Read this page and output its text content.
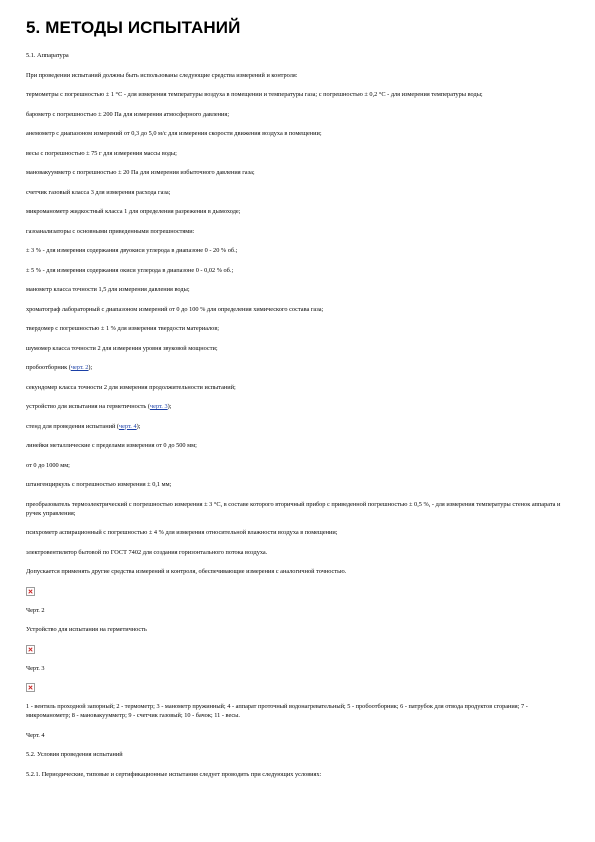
5. МЕТОДЫ ИСПЫТАНИЙ

5.1. Аппаратура

При проведении испытаний должны быть использованы следующие средства измерений и контроля:

термометры с погрешностью ± 1 °С - для измерения температуры воздуха в помещении и температуры газа; с погрешностью ± 0,2 °С - для измерения температуры воды;

барометр с погрешностью ± 200 Па для измерения атмосферного давления;

анемометр с диапазоном измерений от 0,3 до 5,0 м/с для измерения скорости движения воздуха в помещении;

весы с погрешностью ± 75 г для измерения массы воды;

мановакуумметр с погрешностью ± 20 Па для измерения избыточного давления газа;

счетчик газовый класса 3 для измерения расхода газа;

микроманометр жидкостный класса 1 для определения разрежения в дымоходе;

газоанализаторы с основными приведенными погрешностями:

± 3 % - для измерения содержания двуокиси углерода в диапазоне 0 - 20 % об.;

± 5 % - для измерения содержания окиси углерода в диапазоне 0 - 0,02 % об.;

манометр класса точности 1,5 для измерения давления воды;

хроматограф лабораторный с диапазоном измерений от 0 до 100 % для определения химического состава газа;

твердомер с погрешностью ± 1 % для измерения твердости материалов;

шумомер класса точности 2 для измерения уровня звуковой мощности;

пробоотборник (черт. 2);

секундомер класса точности 2 для измерения продолжительности испытаний;

устройство для испытания на герметичность (черт. 3);

стенд для проведения испытаний (черт. 4);

линейки металлические с пределами измерения от 0 до 500 мм;

от 0 до 1000 мм;

штангенциркуль с погрешностью измерения ± 0,1 мм;

преобразователь термоэлектрический с погрешностью измерения ± 3 °С, в составе которого вторичный прибор с приведенной погрешностью ± 0,5 %, - для измерения температуры стенок аппарата и ручек управления;

психрометр аспирационный с погрешностью ± 4 % для измерения относительной влажности воздуха в помещении;

электровентилятор бытовой по ГОСТ 7402 для создания горизонтального потока воздуха.

Допускается применять другие средства измерений и контроля, обеспечивающие измерения с аналогичной точностью.

Черт. 2

Устройство для испытания на герметичность

Черт. 3

1 - вентиль проходной запорный; 2 - термометр; 3 - манометр пружинный; 4 - аппарат проточный водонагревательный; 5 - пробоотборник; 6 - патрубок для отвода продуктов сгорания; 7 - микроманометр; 8 - мановакуумметр; 9 - счетчик газовый; 10 - бачок; 11 - весы.

Черт. 4

5.2. Условия проведения испытаний

5.2.1. Периодические, типовые и сертификационные испытания следует проводить при следующих условиях:
